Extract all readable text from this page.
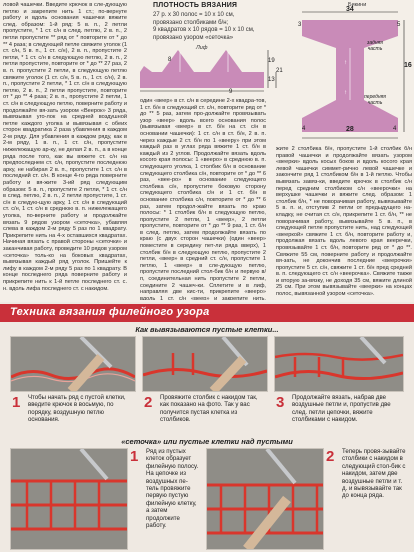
ловой чашечки. Введите крючок в сле-дующую петлю и закрепите нить 1 ст.; по-вернуте работу и вдоль основания чашечки вяжите след. образом: 1-й ряд: 5 в. п., 2 петли пропустите, * 1 ст. с/н в след. петлю, 2 в. п., 2 петли пропустите ** ряд от * повторите от * до ** 4 раза; в следующей петле свяжите уголок (1 ст. с/н, 5 в. п., 1 ст. с/н), 2 в. п., пропустите 2 петли, * 1 ст. с/н в следующую петлю, 2 в. п., 2 петли пропустите, повторите от * до ** 27 раз, 2 в. п. пропустите 2 петли, в следующую петлю свяжите уголок (1 ст. с/н, 5 в. п., 1 ст. с/н), 2 в. п., пропустите 2 петли, * 1 ст. с/н в следующую петлю, 2 в. п., 2 петли пропустите, повторите от * до ** 4 раза; 2 в. п., пропустите 2 петли, 1 ст. с/н в следующую петлю, поверните работу и продолжайте вя-зать узором «Веерок» 3 ряда, вывязывая уго-лок на средней воздушной петле каждого уголка и вывязывая с обеих сторон квадратика 2 раза убавления в каждом 2-м ряду. Для убавления в каждом ряду, как в 2-м ряду, 1 в. п., 1 ст. с/н, пропустите нижележащую ар-ку, не делая 2 в. п., а в конце ряда после того, как вы вяжете ст. с/н на предпоследнем ст. с/н, пропустите последнюю арку, не набирая 2 в. п., пропустите 1 ст. с/н в последний ст. с/н. В конце 4-го ряда поверните работу и вя-жите 3-ий ряд следующим образом: 5 в. п., пропустите 2 петли, * 1 ст. с/н в след. петлю, 2 в. п., 2 петли пропустите, 1 ст. с/н в следую-щую арку, 1 ст. с/н в следующий ст. с/н, 1 ст. с/н в среднюю в. п. нижележащего уголка, по-верните работу и продолжайте вязать 9 рядов узором «сеточка», убавляя слева в каждом 2-м ряду 5 раз по 1 квадрату. Прикрепите нить на 4-х оставшихся квадратах. Начиная вязать с правой стороны «сеточки» и заканчивая работу, проведите 10 рядов узором «сеточка» толь-ко на боковых квадратах, вывязывая каждый ряд уголок. Пришейте к лифу в каждом 2-м ряду 5 раз по 1 квадрату. В конце последнего ряда поверните работу и прикрепите нить к 1-й петле последнего ст. с. н. вдоль лифа последнего ст. с накидом.
ПЛОТНОСТЬ ВЯЗАНИЯ
27 р. х 30 полос = 10 х 10 см,
провязано столбиками б/н;
9 квадратов х 10 рядов = 10 х 10 см,
провязано узором «сеточка»
Лиф
8	19
21
13
9
Бикини
↑
↑
34
3	5
16
28
4	4
задняя часть
передняя часть
один «веер» в ст. с/н в середине 2-х квадра-тов, 1 ст. б/н в следующий ст. с/н, повторите ряд от * до ** 5 раз, затем про-должайте провязывать узор «веер» вдоль всего основания полос (вывязывая «веер» в ст. б/н на ст. с/н в основании чашечки): 1 ст. с/н в ст. б/н, 2 в. п. через каждые 2 ст. б/н по 1 «вееру» при этом каждый раз в углах ряда вяжите 1 ст. б/н в каждый из 2 углов. Продолжайте вязать вдоль косого края полосы: 1 «вееро» в среднюю в. п. следующего уголка, 1 столбик б/н в основание следующего столбика с/н, повторите от * до ** 6 раз, «вее-ро» в основание следующего столбика с/н, пропустите боковую сторону следующего столбика с/н и 1 ст. б/н в основание столбика с/н, повторите от * до ** 6 раз, затем продол-жайте вязать по краю полосы: * 1 столбик б/н в следующую петлю, пропустите 2 петли, 1 «веер», 2 петли пропустите, повторите от * до ** 9 раз, 1 ст. б/н в след. петлю, затем продолжайте вязать по краю (с двух сторон чашечки) (один «веер» поместите в середину пет-ли ряда вверх), 1 столбик б/н в следующую петлю, пропустите 2 петли, «веер» в средний ст. с/н, пропустите 1 петлю, 1 «веер» в сле-дующую петлю, пропустите последний стол-бик б/н и первую в/п, соединительная нить пропустите 2 петли, соедините 2 чашеч-ки. Сплетите и в лиф, направляя две кис-ти, прикрепите «вееро» вдоль 1 ст. с/н «веер» и закрепите нить.
жите 2 столбика б/н, пропустите 1-й столбик б/н правой чашечки и продолжайте вязать узором «веерки» вдоль косых боков и вдоль косого края левой чашечки симмет-рично левой чашечке и закончите ряд 1 столбиком б/н в 1-й петлю. Чтобы вывязать завяз-ки, введите крючок в столбик с/н перед средним столбиком с/н «веерочки» на верхушке чашечки и вяжите след. образом: 1 столбик б/н, * не поворачивая работу, вывязывайте 5 в. п. и, отступив 2 петли от предыдущего на-кладку, не считая ст. с/н, прикрепите 1 ст. б/н, ** не поворачивая работу, вывязывайте 5 в. п., в следующей петле пропустите нить, над следующей «вееркой» свяжите 1 ст. б/н, повторите работу и, продолжая вязать вдоль левого края вееречки, провязывайте 1 ст. б/н, повторите ряд от * до **. Свяжите 55 см, поверните работу и продолжайте вя-зать, не докончив последние «веерочки» пропустите 5 ст. с/н, свяжите 1 ст. б/н пред средней в. п. следующего ст. с/н «веерочка». Свяжите также и вторую за-вязку, не доходя 35 см, вяжите длиной 25 см. При этом вывязывайте «веерки» на концах полос, вывязанной узором «сеточка».
Техника вязания филейного узора
Как вывязываются пустые клетки...
1 Чтобы начать ряд с пустой клетки, введите крючок в восьмую, по порядку, воздушную петлю основания.
2 Провяжите столбик с накидом так, как показано на фото. Так у вас получится пустая клетка из столбиков.
3 Продолжайте вязать, набрав две воздушные петли и, пропустив две след. петли цепочки, вяжите столбиками с накидом.
«сеточка» или пустые клетки над пустыми
1 Ряд из пустых клеток образует филейную полосу. На цепочке из воздушных пе-тель провяжите первую пустую филейную клетку, а затем продолжите работу.
2 Теперь провя-зывайте столбики с накидом в следующий стол-бик с накидом, затем две воздушные петли и т. д. и вывязывайте так до конца ряда.
